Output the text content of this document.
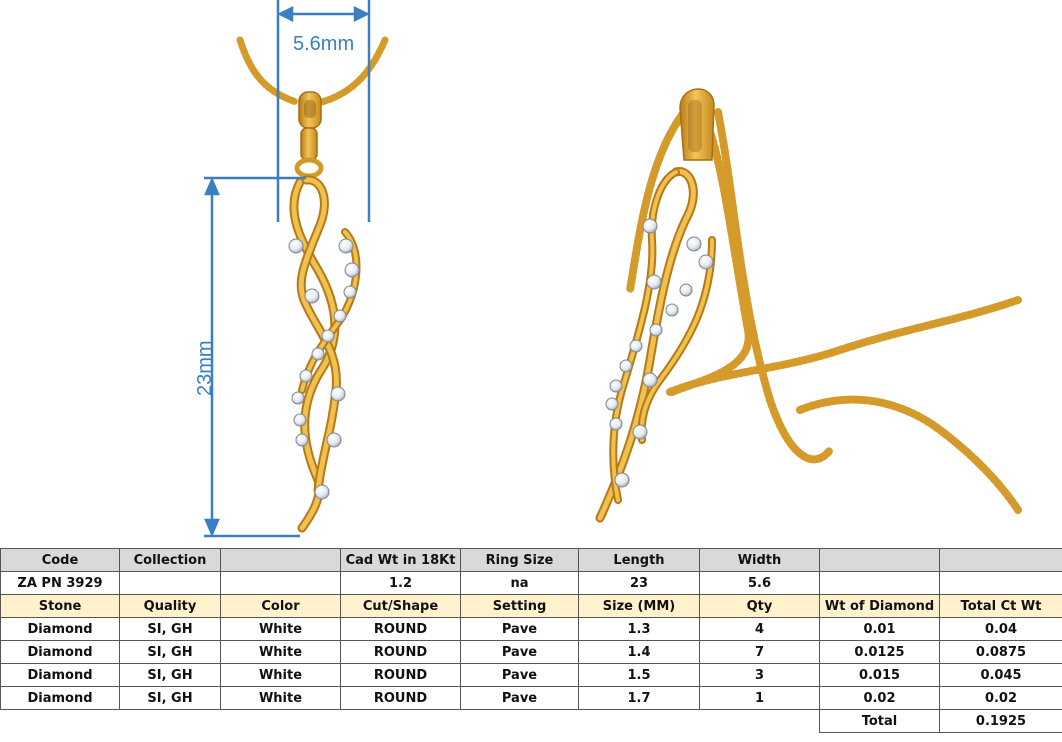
5.6mm
23mm
Code	Collection		Cad Wt in 18Kt	Ring Size	Length	Width		
ZA PN 3929			1.2	na	23	5.6		
Stone	Quality	Color	Cut/Shape	Setting	Size (MM)	Qty	Wt of Diamond	Total Ct Wt
Diamond	SI, GH	White	ROUND	Pave	1.3	4	0.01	0.04
Diamond	SI, GH	White	ROUND	Pave	1.4	7	0.0125	0.0875
Diamond	SI, GH	White	ROUND	Pave	1.5	3	0.015	0.045
Diamond	SI, GH	White	ROUND	Pave	1.7	1	0.02	0.02
							Total	0.1925
